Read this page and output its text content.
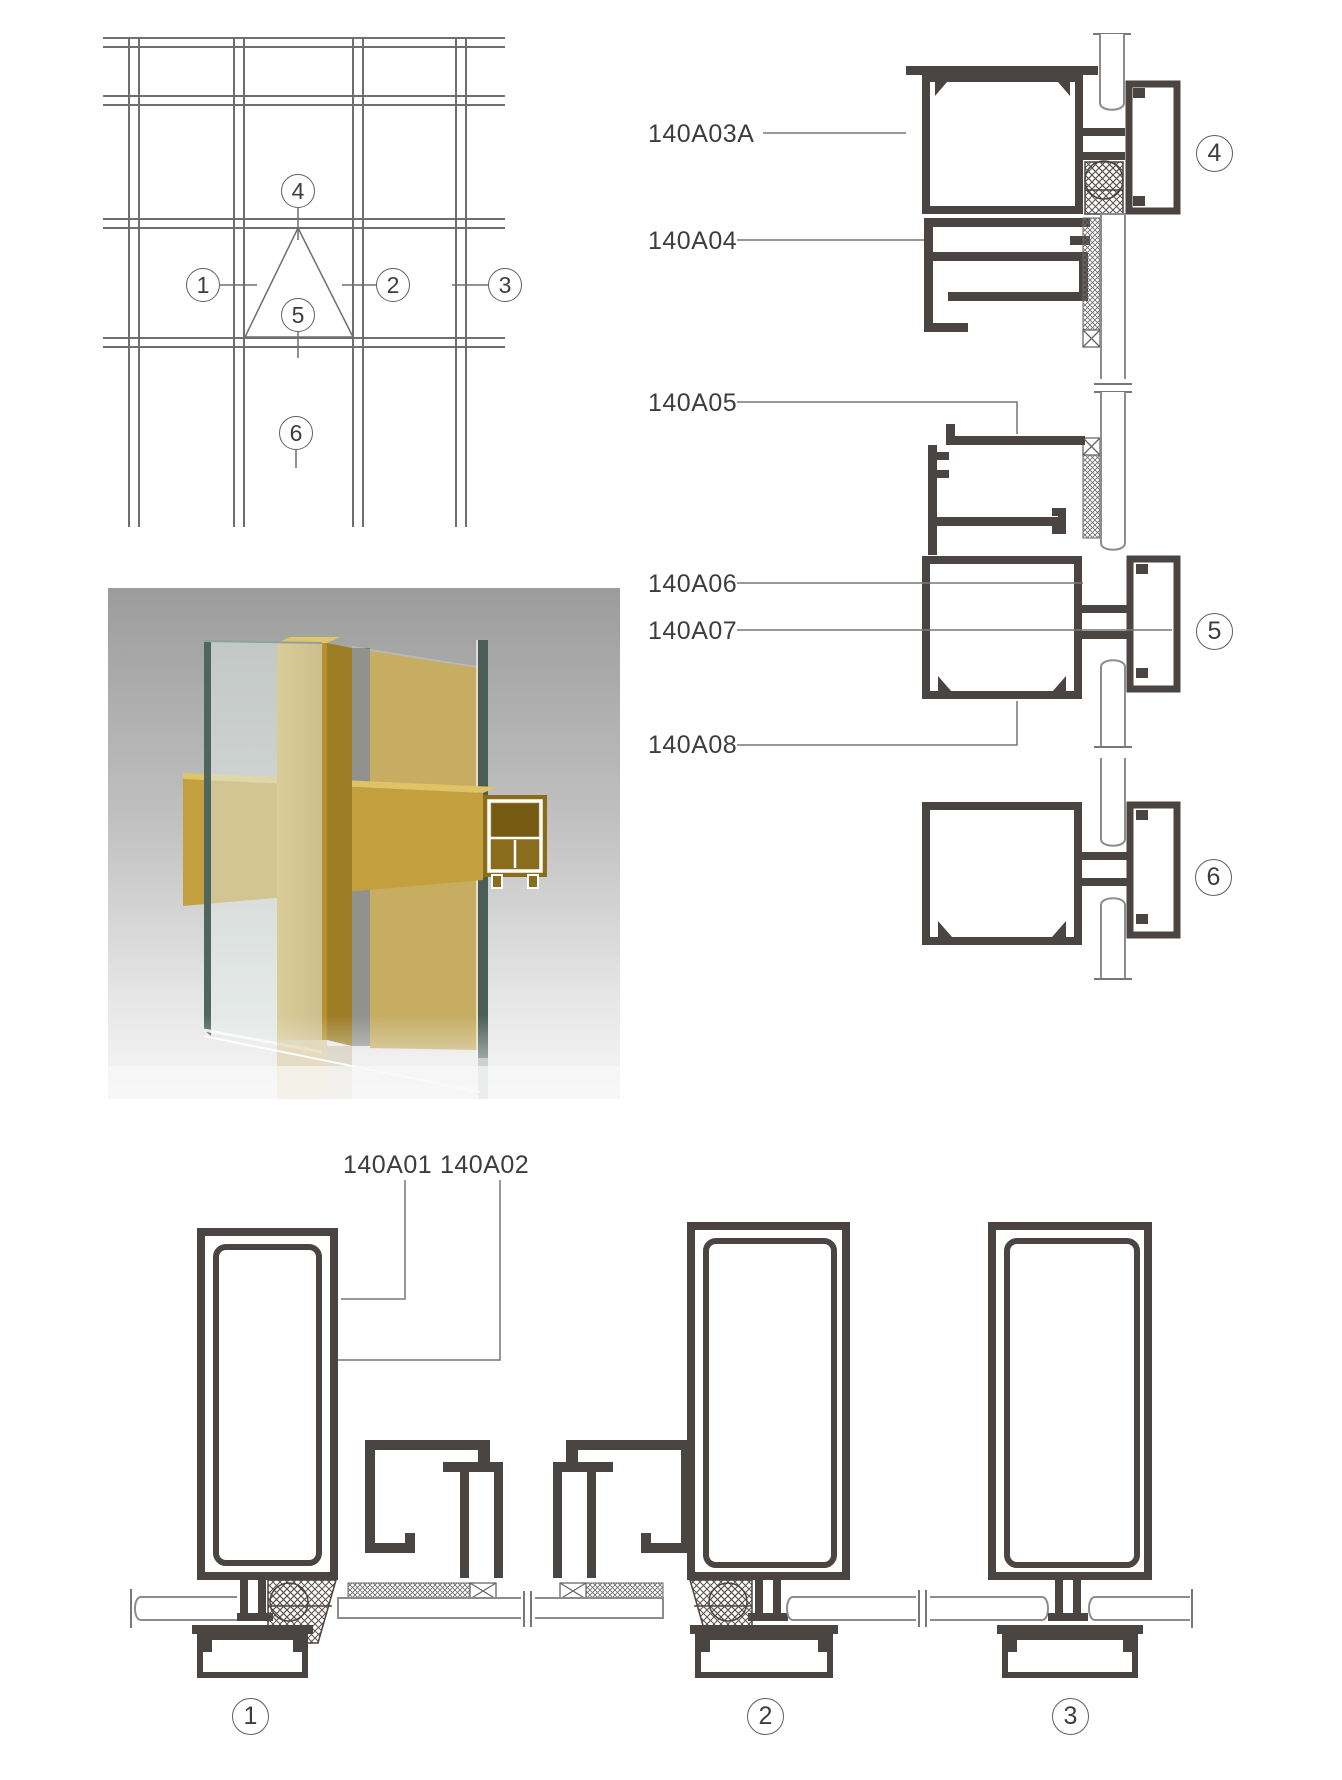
140A03A
140A04
140A05
140A06
140A07
140A08
140A01 140A02
1	2	3
4
5
6
4
5
6
1	2	3
